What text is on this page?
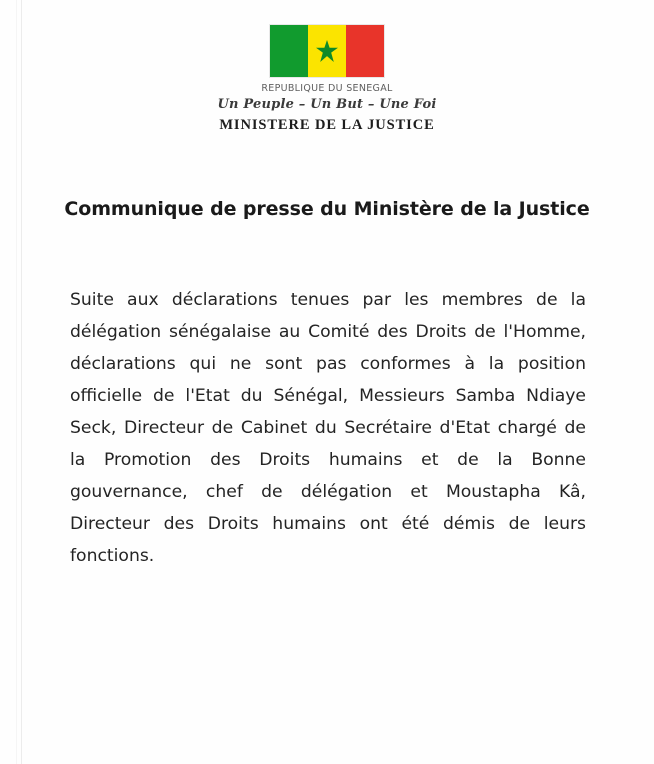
REPUBLIQUE DU SENEGAL
Un Peuple – Un But – Une Foi
MINISTERE DE LA JUSTICE
Communique de presse du Ministère de la Justice
Suite aux déclarations tenues par les membres de la délégation sénégalaise au Comité des Droits de l'Homme, déclarations qui ne sont pas conformes à la position officielle de l'Etat du Sénégal, Messieurs Samba Ndiaye Seck, Directeur de Cabinet du Secrétaire d'Etat chargé de la Promotion des Droits humains et de la Bonne gouvernance, chef de délégation et Moustapha Kâ, Directeur des Droits humains ont été démis de leurs fonctions.
